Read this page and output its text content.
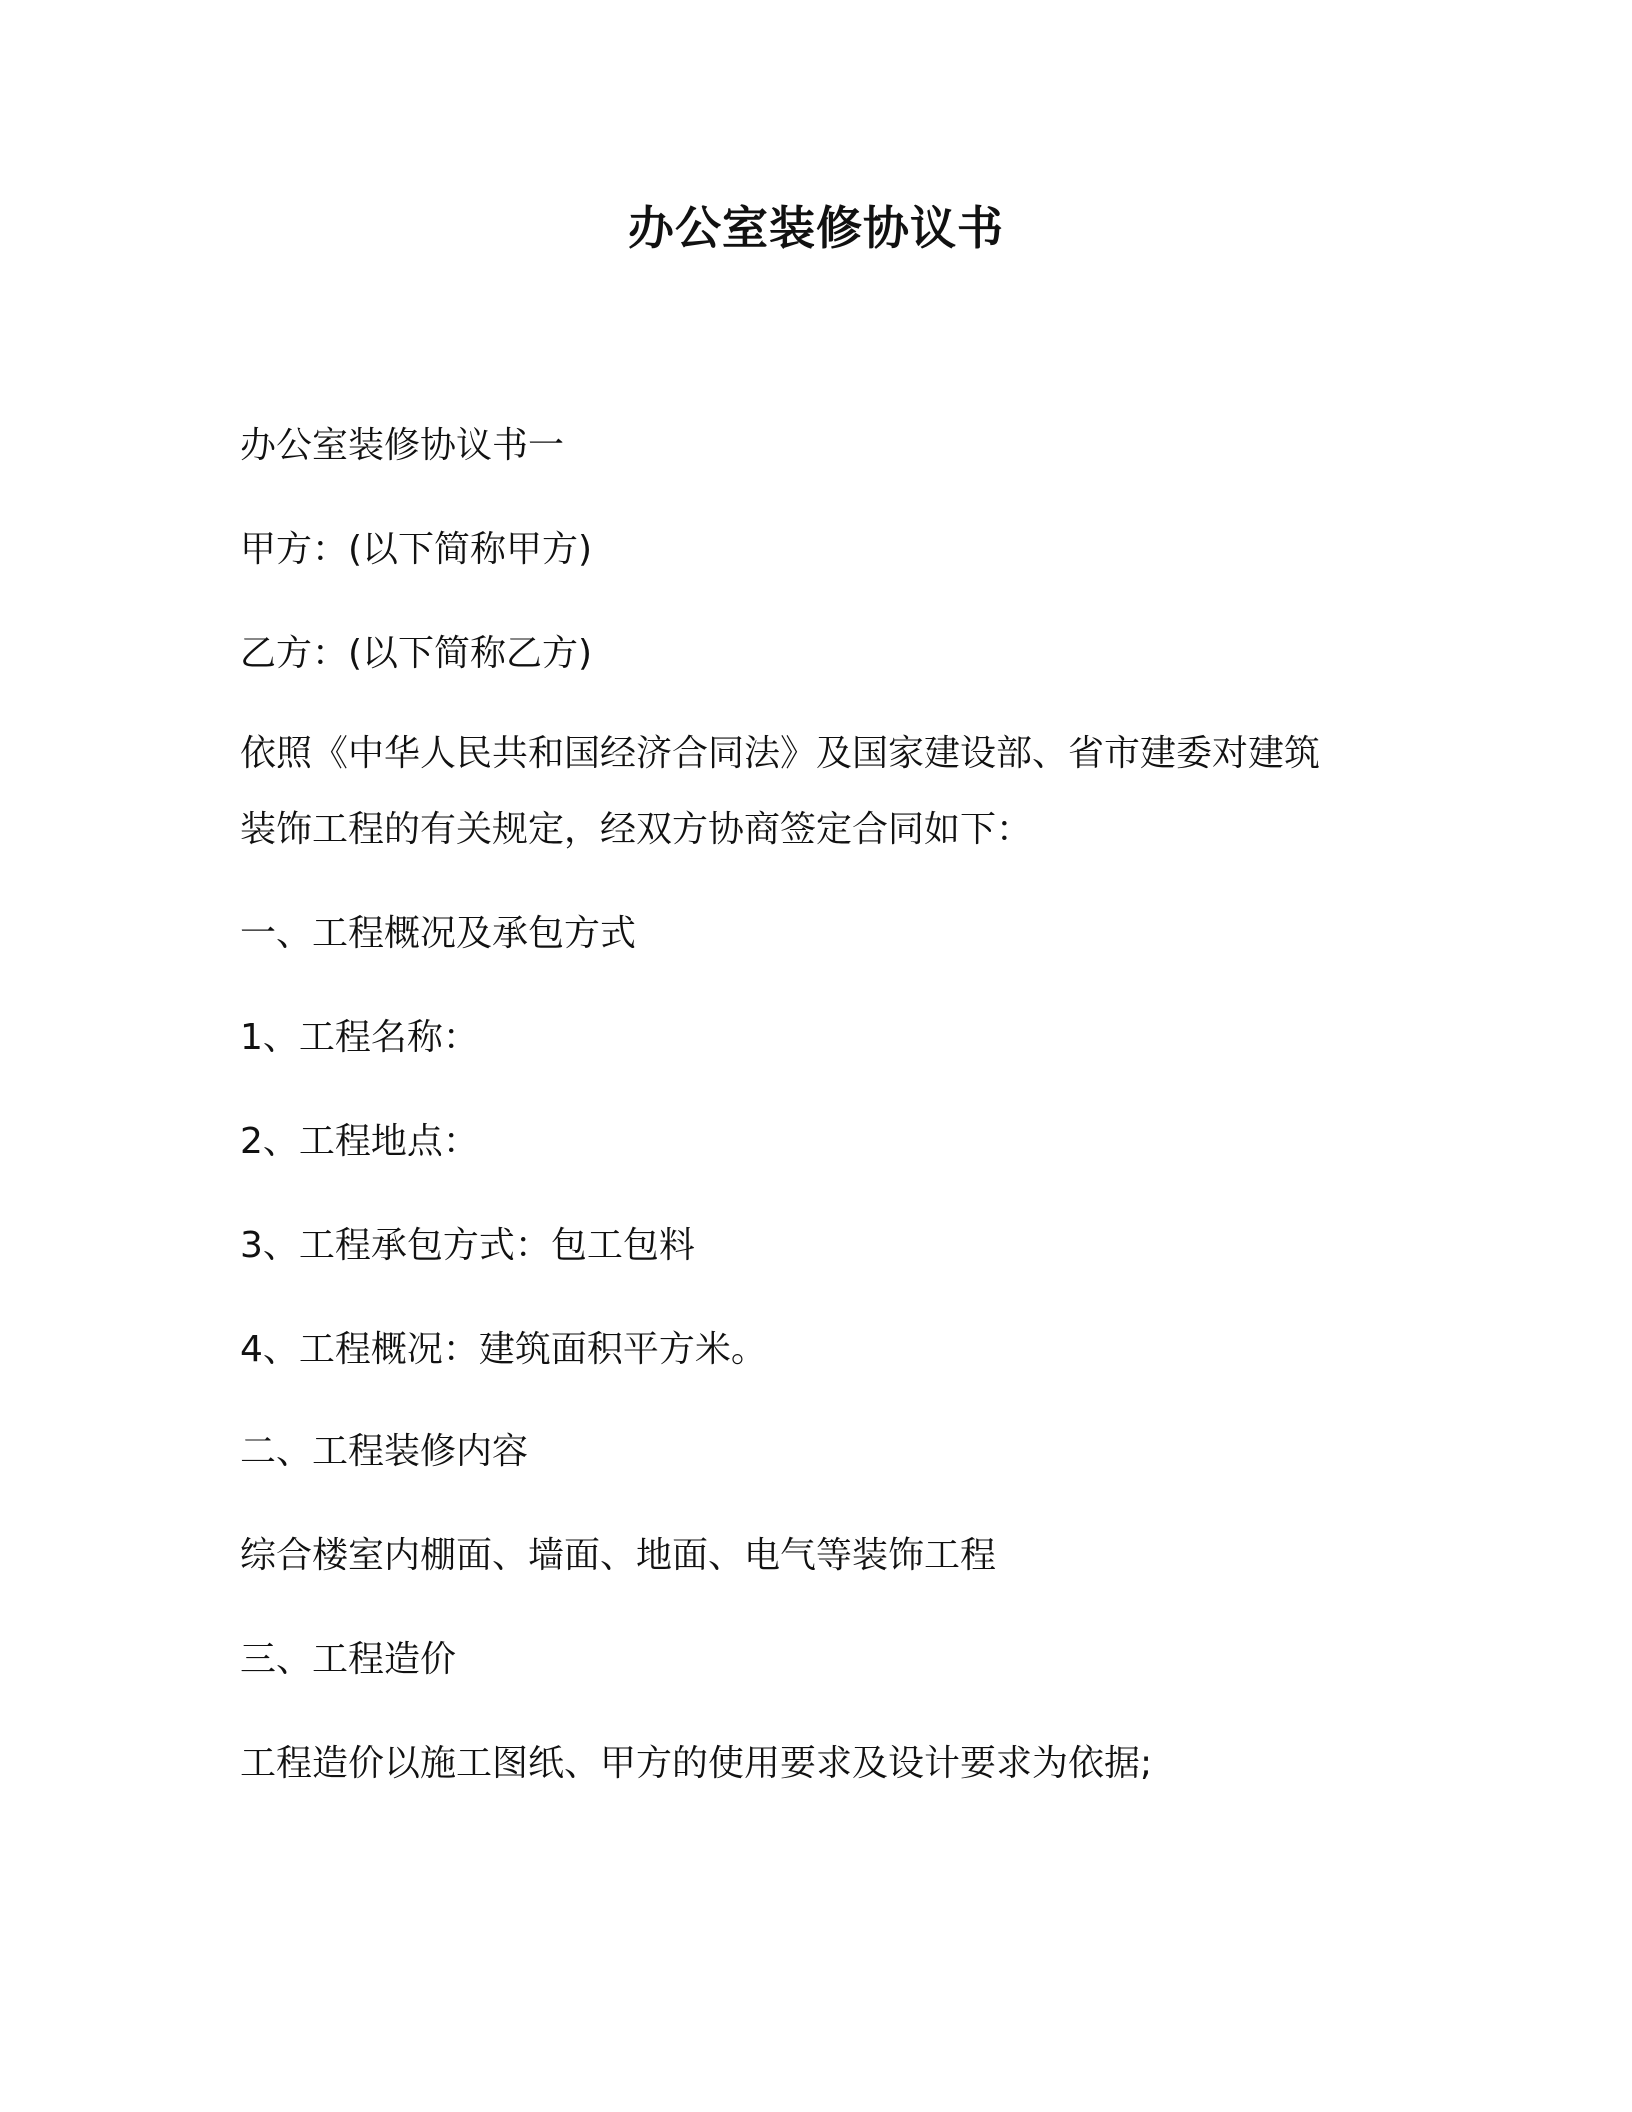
办公室装修协议书

办公室装修协议书一

甲方：(以下简称甲方)

乙方：(以下简称乙方)

依照《中华人民共和国经济合同法》及国家建设部、省市建委对建筑

装饰工程的有关规定，经双方协商签定合同如下：

一、工程概况及承包方式

1、工程名称：

2、工程地点：

3、工程承包方式：包工包料

4、工程概况：建筑面积平方米。

二、工程装修内容

综合楼室内棚面、墙面、地面、电气等装饰工程

三、工程造价

工程造价以施工图纸、甲方的使用要求及设计要求为依据;
